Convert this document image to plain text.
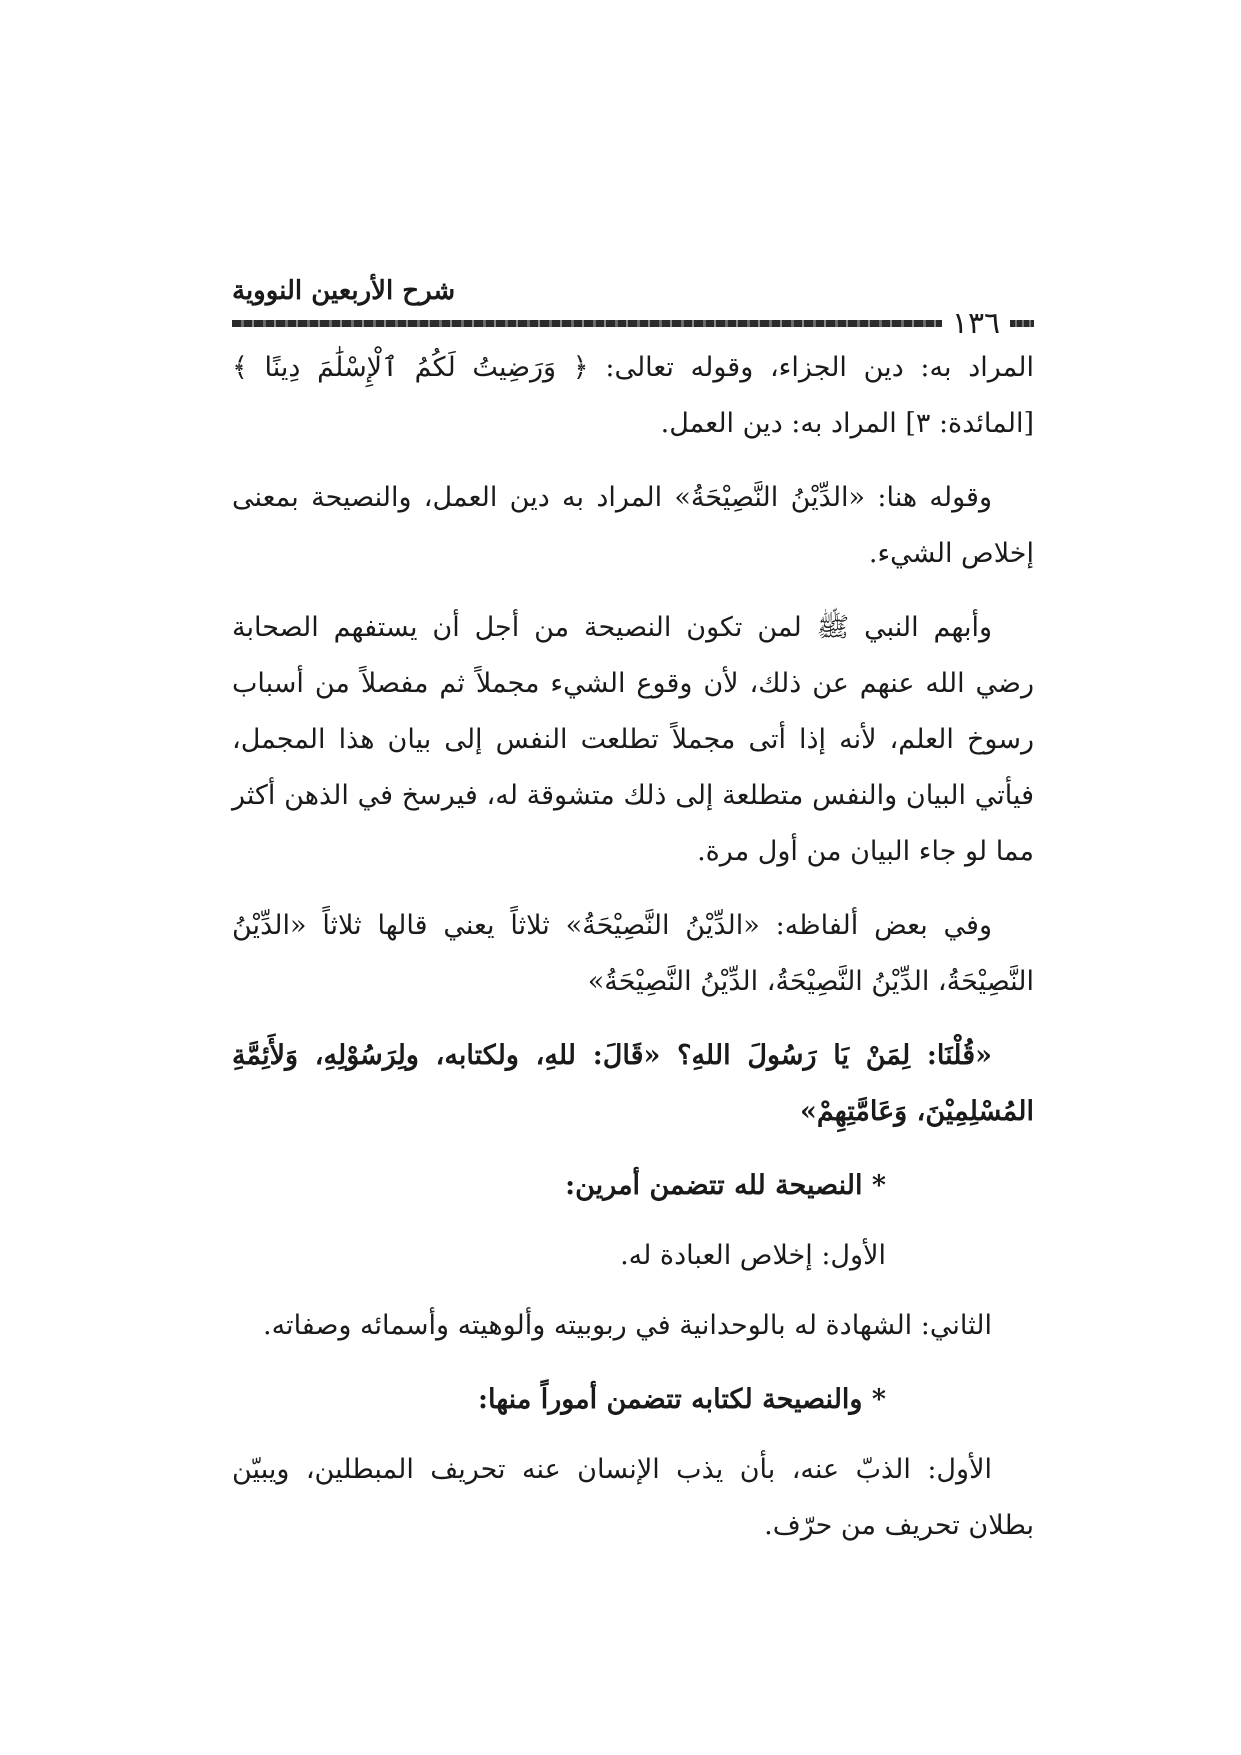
شرح الأربعين النووية
١٣٦

المراد به: دين الجزاء، وقوله تعالى: ﴿ وَرَضِيتُ لَكُمُ ٱلْإِسْلَٰمَ دِينًا ﴾ [المائدة: ٣] المراد به: دين العمل.

وقوله هنا: «الدِّيْنُ النَّصِيْحَةُ» المراد به دين العمل، والنصيحة بمعنى إخلاص الشيء.

وأبهم النبي ﷺ لمن تكون النصيحة من أجل أن يستفهم الصحابة رضي الله عنهم عن ذلك، لأن وقوع الشيء مجملاً ثم مفصلاً من أسباب رسوخ العلم، لأنه إذا أتى مجملاً تطلعت النفس إلى بيان هذا المجمل، فيأتي البيان والنفس متطلعة إلى ذلك متشوقة له، فيرسخ في الذهن أكثر مما لو جاء البيان من أول مرة.

وفي بعض ألفاظه: «الدِّيْنُ النَّصِيْحَةُ» ثلاثاً يعني قالها ثلاثاً «الدِّيْنُ النَّصِيْحَةُ، الدِّيْنُ النَّصِيْحَةُ، الدِّيْنُ النَّصِيْحَةُ»

«قُلْنَا: لِمَنْ يَا رَسُولَ اللهِ؟ «قَالَ: للهِ، ولكتابه، ولِرَسُوْلِهِ، وَلأَئِمَّةِ المُسْلِمِيْنَ، وَعَامَّتِهِمْ»

* النصيحة لله تتضمن أمرين:

الأول: إخلاص العبادة له.

الثاني: الشهادة له بالوحدانية في ربوبيته وألوهيته وأسمائه وصفاته.

* والنصيحة لكتابه تتضمن أموراً منها:

الأول: الذبّ عنه، بأن يذب الإنسان عنه تحريف المبطلين، ويبيّن بطلان تحريف من حرّف.
